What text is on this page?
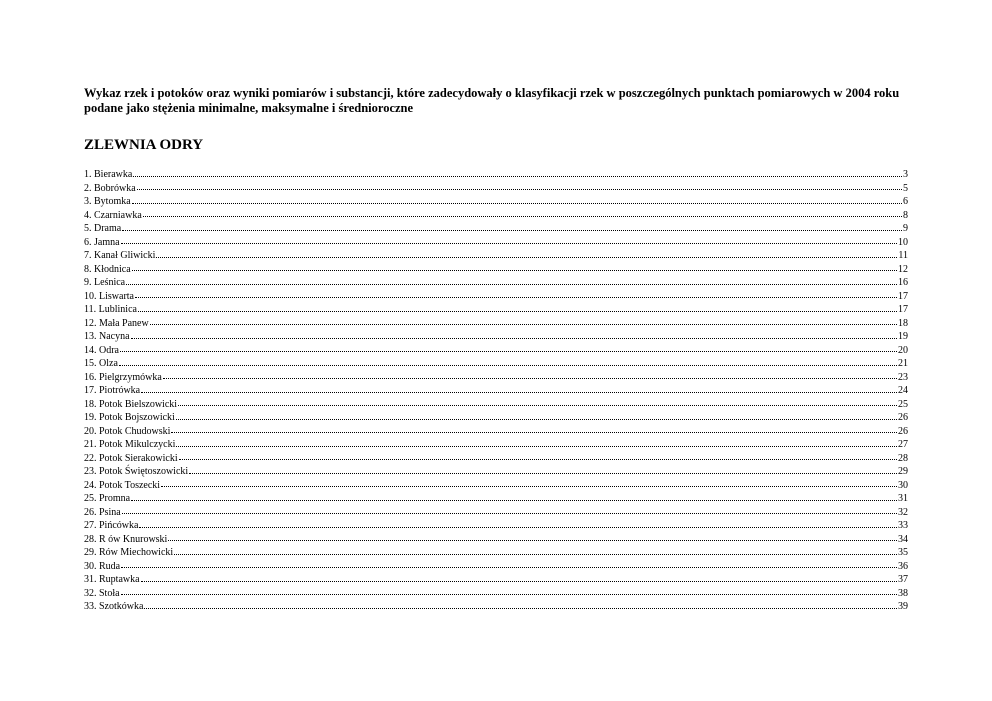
Wykaz rzek i potoków oraz wyniki pomiarów i substancji, które zadecydowały o klasyfikacji rzek w poszczególnych punktach pomiarowych w 2004 roku podane jako stężenia minimalne, maksymalne i średnioroczne
ZLEWNIA ODRY
1. Bierawka	3
2. Bobrówka	5
3. Bytomka	6
4. Czarniawka	8
5. Drama	9
6. Jamna	10
7. Kanał Gliwicki	11
8. Kłodnica	12
9. Leśnica	16
10. Liswarta	17
11. Lublinica	17
12. Mała Panew	18
13. Nacyna	19
14. Odra	20
15. Olza	21
16. Pielgrzymówka	23
17. Piotrówka	24
18. Potok Bielszowicki	25
19. Potok Bojszowicki	26
20. Potok Chudowski	26
21. Potok Mikulczycki	27
22. Potok Sierakowicki	28
23. Potok Świętoszowicki	29
24. Potok Toszecki	30
25. Promna	31
26. Psina	32
27. Pińcówka	33
28. R ów Knurowski	34
29. Rów Miechowicki	35
30. Ruda	36
31. Ruptawka	37
32. Stoła	38
33. Szotkówka	39
